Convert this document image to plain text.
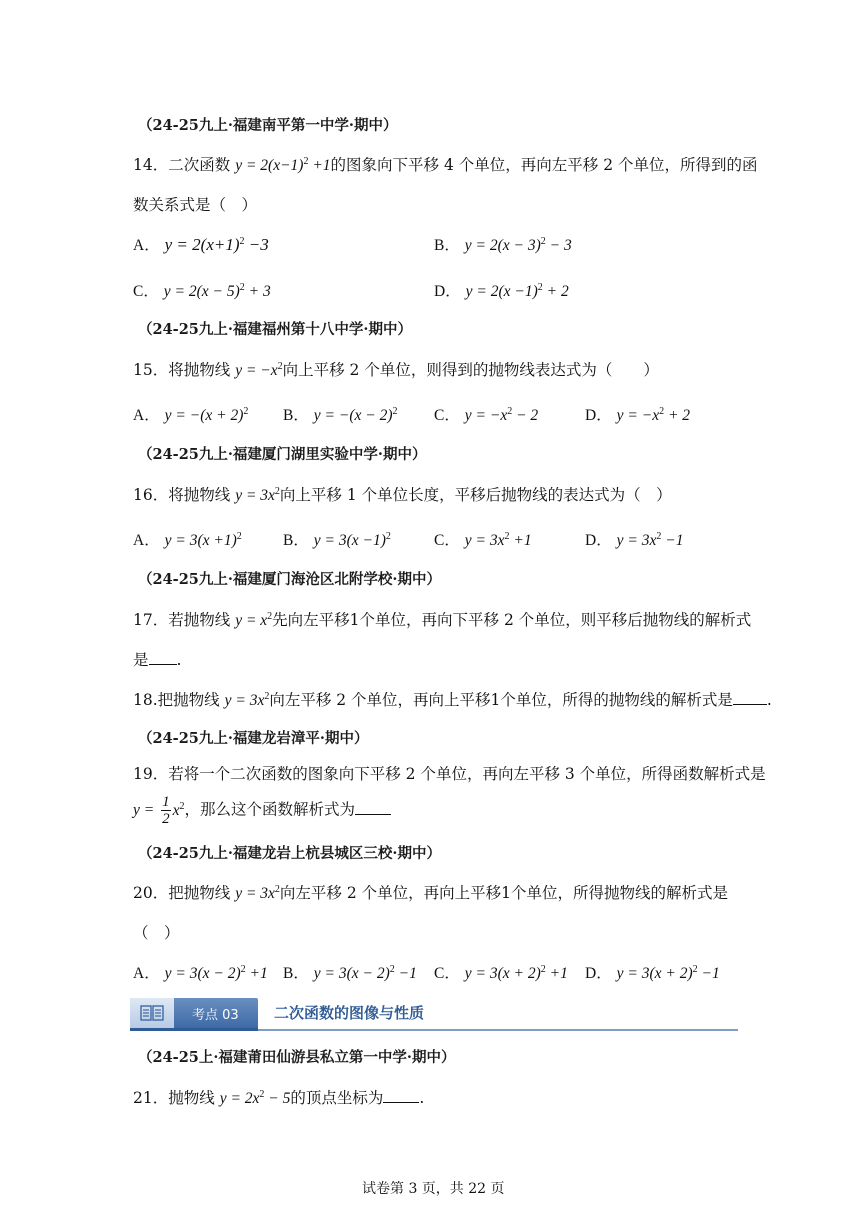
（24-25九上·福建南平第一中学·期中）
14．二次函数 $y = 2(x-1)^2 +1$的图象向下平移 4 个单位，再向左平移 2 个单位，所得到的函
数关系式是（　）
A． $y = 2(x+1)^2 -3$	B． $y = 2(x - 3)^2 - 3$
C． $y = 2(x - 5)^2 + 3$	D． $y = 2(x -1)^2 + 2$
（24-25九上·福建福州第十八中学·期中）
15．将抛物线 $y = -x^2$向上平移 2 个单位，则得到的抛物线表达式为（　　）
A． $y = -(x + 2)^2$ B． $y = -(x - 2)^2$ C． $y = -x^2 - 2$	D． $y = -x^2 + 2$
（24-25九上·福建厦门湖里实验中学·期中）
16．将抛物线 $y = 3x^2$向上平移 1 个单位长度，平移后抛物线的表达式为（　）
A． $y = 3(x +1)^2$	B． $y = 3(x -1)^2$	C． $y = 3x^2 +1$	D． $y = 3x^2 -1$
（24-25九上·福建厦门海沧区北附学校·期中）
17．若抛物线 $y = x^2$先向左平移1个单位，再向下平移 2 个单位，则平移后抛物线的解析式
是 .
18.把抛物线 $y = 3x^2$向左平移 2 个单位，再向上平移1个单位，所得的抛物线的解析式是 .
（24-25九上·福建龙岩漳平·期中）
19．若将一个二次函数的图象向下平移 2 个单位，再向左平移 3 个单位，所得函数解析式是
$y = \frac{1}{2} x^2$，那么这个函数解析式为
（24-25九上·福建龙岩上杭县城区三校·期中）
20．把抛物线 $y = 3x^2$向左平移 2 个单位，再向上平移1个单位，所得抛物线的解析式是
（　）
A． $y = 3(x - 2)^2 +1$ B． $y = 3(x - 2)^2 -1$ C． $y = 3(x + 2)^2 +1$ D． $y = 3(x + 2)^2 -1$
考点 03 二次函数的图像与性质
（24-25上·福建莆田仙游县私立第一中学·期中）
21．抛物线 $y = 2x^2 - 5$的顶点坐标为 .
试卷第 3 页，共 22 页
